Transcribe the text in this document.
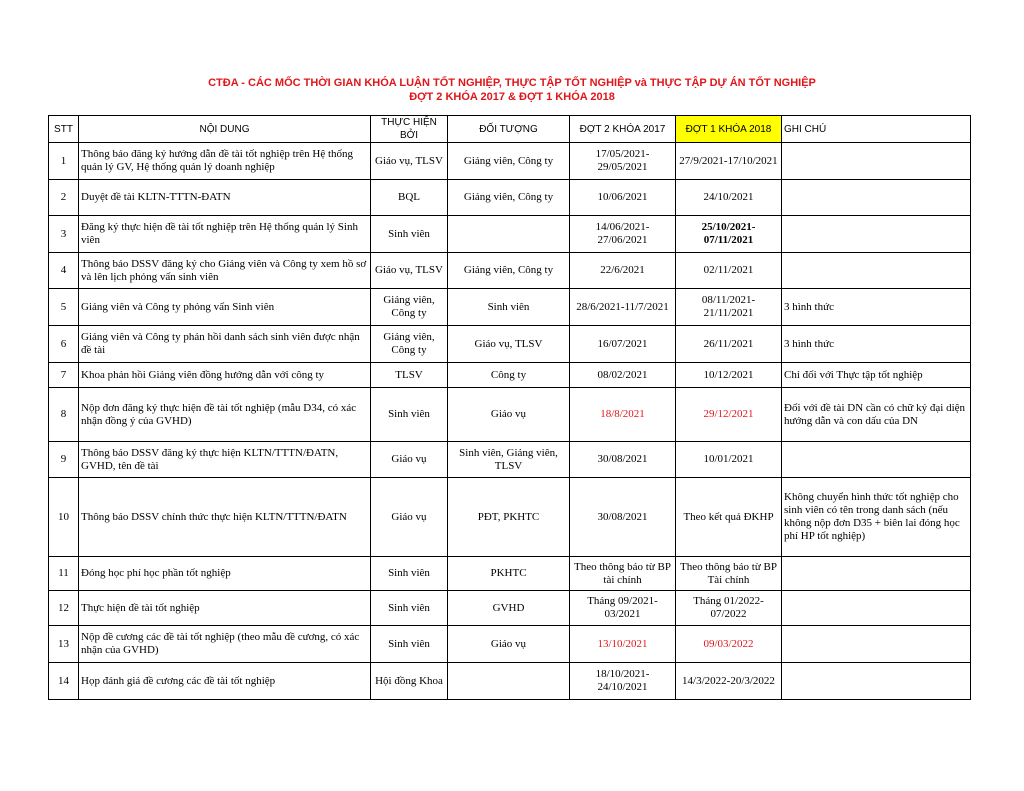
CTĐA - CÁC MỐC THỜI GIAN KHÓA LUẬN TỐT NGHIỆP, THỰC TẬP TỐT NGHIỆP và THỰC TẬP DỰ ÁN TỐT NGHIỆP
ĐỢT 2 KHÓA 2017 & ĐỢT 1 KHÓA 2018
STT	NỘI DUNG	THỰC HIỆN BỞI	ĐỐI TƯỢNG	ĐỢT 2 KHÓA 2017	ĐỢT 1 KHÓA 2018	GHI CHÚ
1	Thông báo đăng ký hướng dẫn đề tài tốt nghiệp trên Hệ thống quản lý GV, Hệ thống quản lý doanh nghiệp	Giáo vụ, TLSV	Giảng viên, Công ty	17/05/2021-29/05/2021	27/9/2021-17/10/2021	
2	Duyệt đề tài KLTN-TTTN-ĐATN	BQL	Giảng viên, Công ty	10/06/2021	24/10/2021	
3	Đăng ký thực hiện đề tài tốt nghiệp trên Hệ thống quản lý Sinh viên	Sinh viên		14/06/2021-27/06/2021	25/10/2021-07/11/2021	
4	Thông báo DSSV đăng ký cho Giảng viên và Công ty xem hồ sơ và lên lịch phỏng vấn sinh viên	Giáo vụ, TLSV	Giảng viên, Công ty	22/6/2021	02/11/2021	
5	Giảng viên và Công ty phỏng vấn Sinh viên	Giảng viên, Công ty	Sinh viên	28/6/2021-11/7/2021	08/11/2021-21/11/2021	3 hình thức
6	Giảng viên và Công ty phản hồi danh sách sinh viên được nhận đề tài	Giảng viên, Công ty	Giáo vụ, TLSV	16/07/2021	26/11/2021	3 hình thức
7	Khoa phản hồi Giảng viên đồng hướng dẫn với công ty	TLSV	Công ty	08/02/2021	10/12/2021	Chỉ đối với Thực tập tốt nghiệp
8	Nộp đơn đăng ký thực hiện đề tài tốt nghiệp (mẫu D34, có xác nhận đồng ý của GVHD)	Sinh viên	Giáo vụ	18/8/2021	29/12/2021	Đối với đề tài DN cần có chữ ký đại diện hướng dẫn và con dấu của DN
9	Thông báo DSSV đăng ký thực hiện KLTN/TTTN/ĐATN, GVHD, tên đề tài	Giáo vụ	Sinh viên, Giảng viên, TLSV	30/08/2021	10/01/2021	
10	Thông báo DSSV chính thức thực hiện KLTN/TTTN/ĐATN	Giáo vụ	PĐT, PKHTC	30/08/2021	Theo kết quả ĐKHP	Không chuyển hình thức tốt nghiệp cho sinh viên có tên trong danh sách (nếu không nộp đơn D35 + biên lai đóng học phí HP tốt nghiệp)
11	Đóng học phí học phần tốt nghiệp	Sinh viên	PKHTC	Theo thông báo từ BP tài chính	Theo thông báo từ BP Tài chính	
12	Thực hiện đề tài tốt nghiệp	Sinh viên	GVHD	Tháng 09/2021-03/2021	Tháng 01/2022-07/2022	
13	Nộp đề cương các đề tài tốt nghiệp (theo mẫu đề cương, có xác nhận của GVHD)	Sinh viên	Giáo vụ	13/10/2021	09/03/2022	
14	Họp đánh giá đề cương các đề tài tốt nghiệp	Hội đồng Khoa		18/10/2021-24/10/2021	14/3/2022-20/3/2022	
